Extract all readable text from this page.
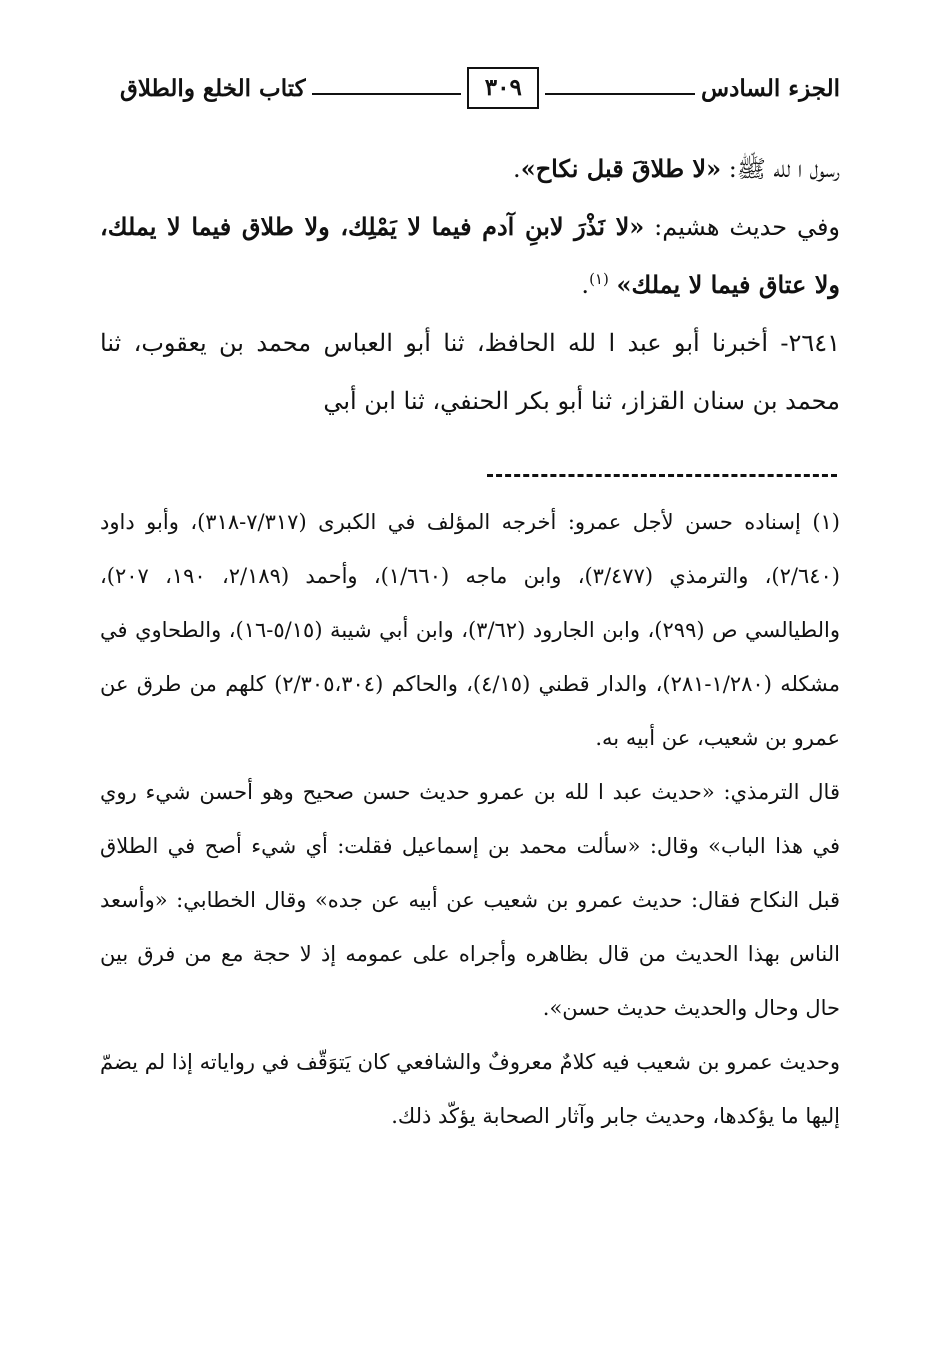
الجزء السادس
٣٠٩
كتاب الخلع والطلاق

رسول ا لله ﷺ: «لا طلاقَ قبل نكاح».

وفي حديث هشيم: «لا نَذْرَ لابنِ آدم فيما لا يَمْلِك، ولا طلاق فيما لا يملك، ولا عتاق فيما لا يملك» $^{(١)}$.

٢٦٤١- أخبرنا أبو عبد ا لله الحافظ، ثنا أبو العباس محمد بن يعقوب، ثنا محمد بن سنان القزاز، ثنا أبو بكر الحنفي، ثنا ابن أبي

(١) إسناده حسن لأجل عمرو: أخرجه المؤلف في الكبرى (٧/٣١٧-٣١٨)، وأبو داود (٢/٦٤٠)، والترمذي (٣/٤٧٧)، وابن ماجه (١/٦٦٠)، وأحمد (٢/١٨٩، ١٩٠، ٢٠٧)، والطيالسي ص (٢٩٩)، وابن الجارود (٣/٦٢)، وابن أبي شيبة (٥/١٥-١٦)، والطحاوي في مشكله (١/٢٨٠-٢٨١)، والدار قطني (٤/١٥)، والحاكم (٢/٣٠٥،٣٠٤) كلهم من طرق عن عمرو بن شعيب، عن أبيه به.

قال الترمذي: «حديث عبد ا لله بن عمرو حديث حسن صحيح وهو أحسن شيء روي في هذا الباب» وقال: «سألت محمد بن إسماعيل فقلت: أي شيء أصح في الطلاق قبل النكاح فقال: حديث عمرو بن شعيب عن أبيه عن جده» وقال الخطابي: «وأسعد الناس بهذا الحديث من قال بظاهره وأجراه على عمومه إذ لا حجة مع من فرق بين حال وحال والحديث حديث حسن».

وحديث عمرو بن شعيب فيه كلامٌ معروفٌ والشافعي كان يَتوَقّف في رواياته إذا لم يضمّ إليها ما يؤكدها، وحديث جابر وآثار الصحابة يؤكّد ذلك.
